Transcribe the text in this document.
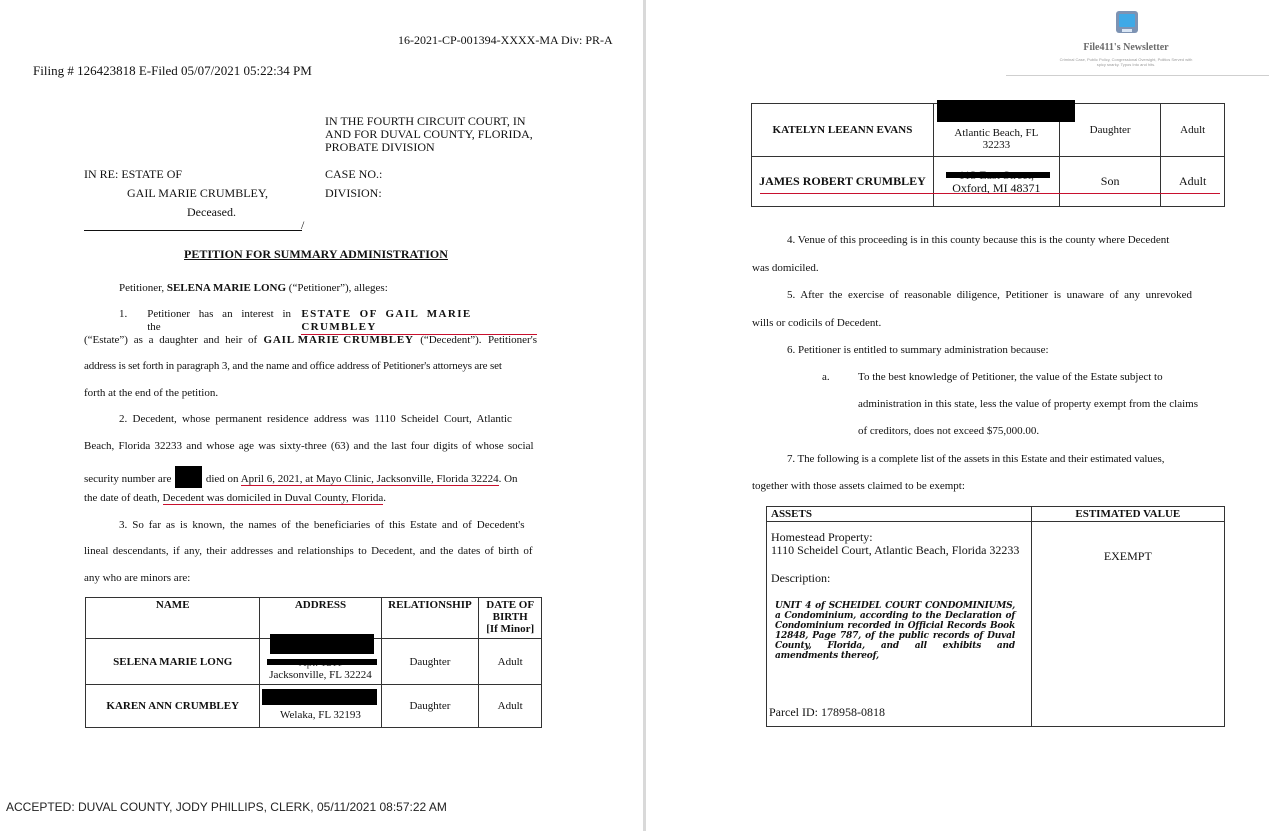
16-2021-CP-001394-XXXX-MA Div: PR-A
Filing # 126423818 E-Filed 05/07/2021 05:22:34 PM
IN THE FOURTH CIRCUIT COURT, IN
AND FOR DUVAL COUNTY, FLORIDA,
PROBATE DIVISION
IN RE: ESTATE OF
GAIL MARIE CRUMBLEY,
Deceased.
/
CASE NO.:
DIVISION:
PETITION FOR SUMMARY ADMINISTRATION
Petitioner, SELENA MARIE LONG (“Petitioner”), alleges:
1. Petitioner has an interest in the
ESTATE OF GAIL MARIE CRUMBLEY
(“Estate”) as a daughter and heir of GAIL MARIE CRUMBLEY (“Decedent”). Petitioner's
address is set forth in paragraph 3, and the name and office address of Petitioner's attorneys are set
forth at the end of the petition.
2. Decedent, whose permanent residence address was 1110 Scheidel Court, Atlantic
Beach, Florida 32233 and whose age was sixty-three (63) and the last four digits of whose social
security number are	died on April 6, 2021, at Mayo Clinic, Jacksonville, Florida 32224. On
the date of death, Decedent was domiciled in Duval County, Florida.
3. So far as is known, the names of the beneficiaries of this Estate and of Decedent's
lineal descendants, if any, their addresses and relationships to Decedent, and the dates of birth of
any who are minors are:
NAME	ADDRESS	RELATIONSHIP	DATE OF
BIRTH
[If Minor]

SELENA MARIE LONG	Jacksonville, FL 32224	Daughter	Adult
KAREN ANN CRUMBLEY	Welaka, FL 32193	Daughter	Adult
ACCEPTED: DUVAL COUNTY, JODY PHILLIPS, CLERK, 05/11/2021 08:57:22 AM
File411's Newsletter
Criminal Case, Public Policy, Congressional Oversight, Politics Served with spicy snarky. Typos Into and hits.
KATELYN LEEANN EVANS	Atlantic Beach, FL
32233	Daughter	Adult
JAMES ROBERT CRUMBLEY	Oxford, MI 48371	Son	Adult
4. Venue of this proceeding is in this county because this is the county where Decedent
was domiciled.
5. After the exercise of reasonable diligence, Petitioner is unaware of any unrevoked
wills or codicils of Decedent.
6. Petitioner is entitled to summary administration because:
a.	To the best knowledge of Petitioner, the value of the Estate subject to
administration in this state, less the value of property exempt from the claims
of creditors, does not exceed $75,000.00.
7. The following is a complete list of the assets in this Estate and their estimated values,
together with those assets claimed to be exempt:
ASSETS	ESTIMATED VALUE

Homestead Property:
1110 Scheidel Court, Atlantic Beach, Florida 32233
Description:
UNIT 4 of SCHEIDEL COURT CONDOMINIUMS, a Condominium, according to the Declaration of Condominium recorded in Official Records Book 12848, Page 787, of the public records of Duval County, Florida, and all exhibits and amendments thereof,
Parcel ID: 178958-0818	EXEMPT
